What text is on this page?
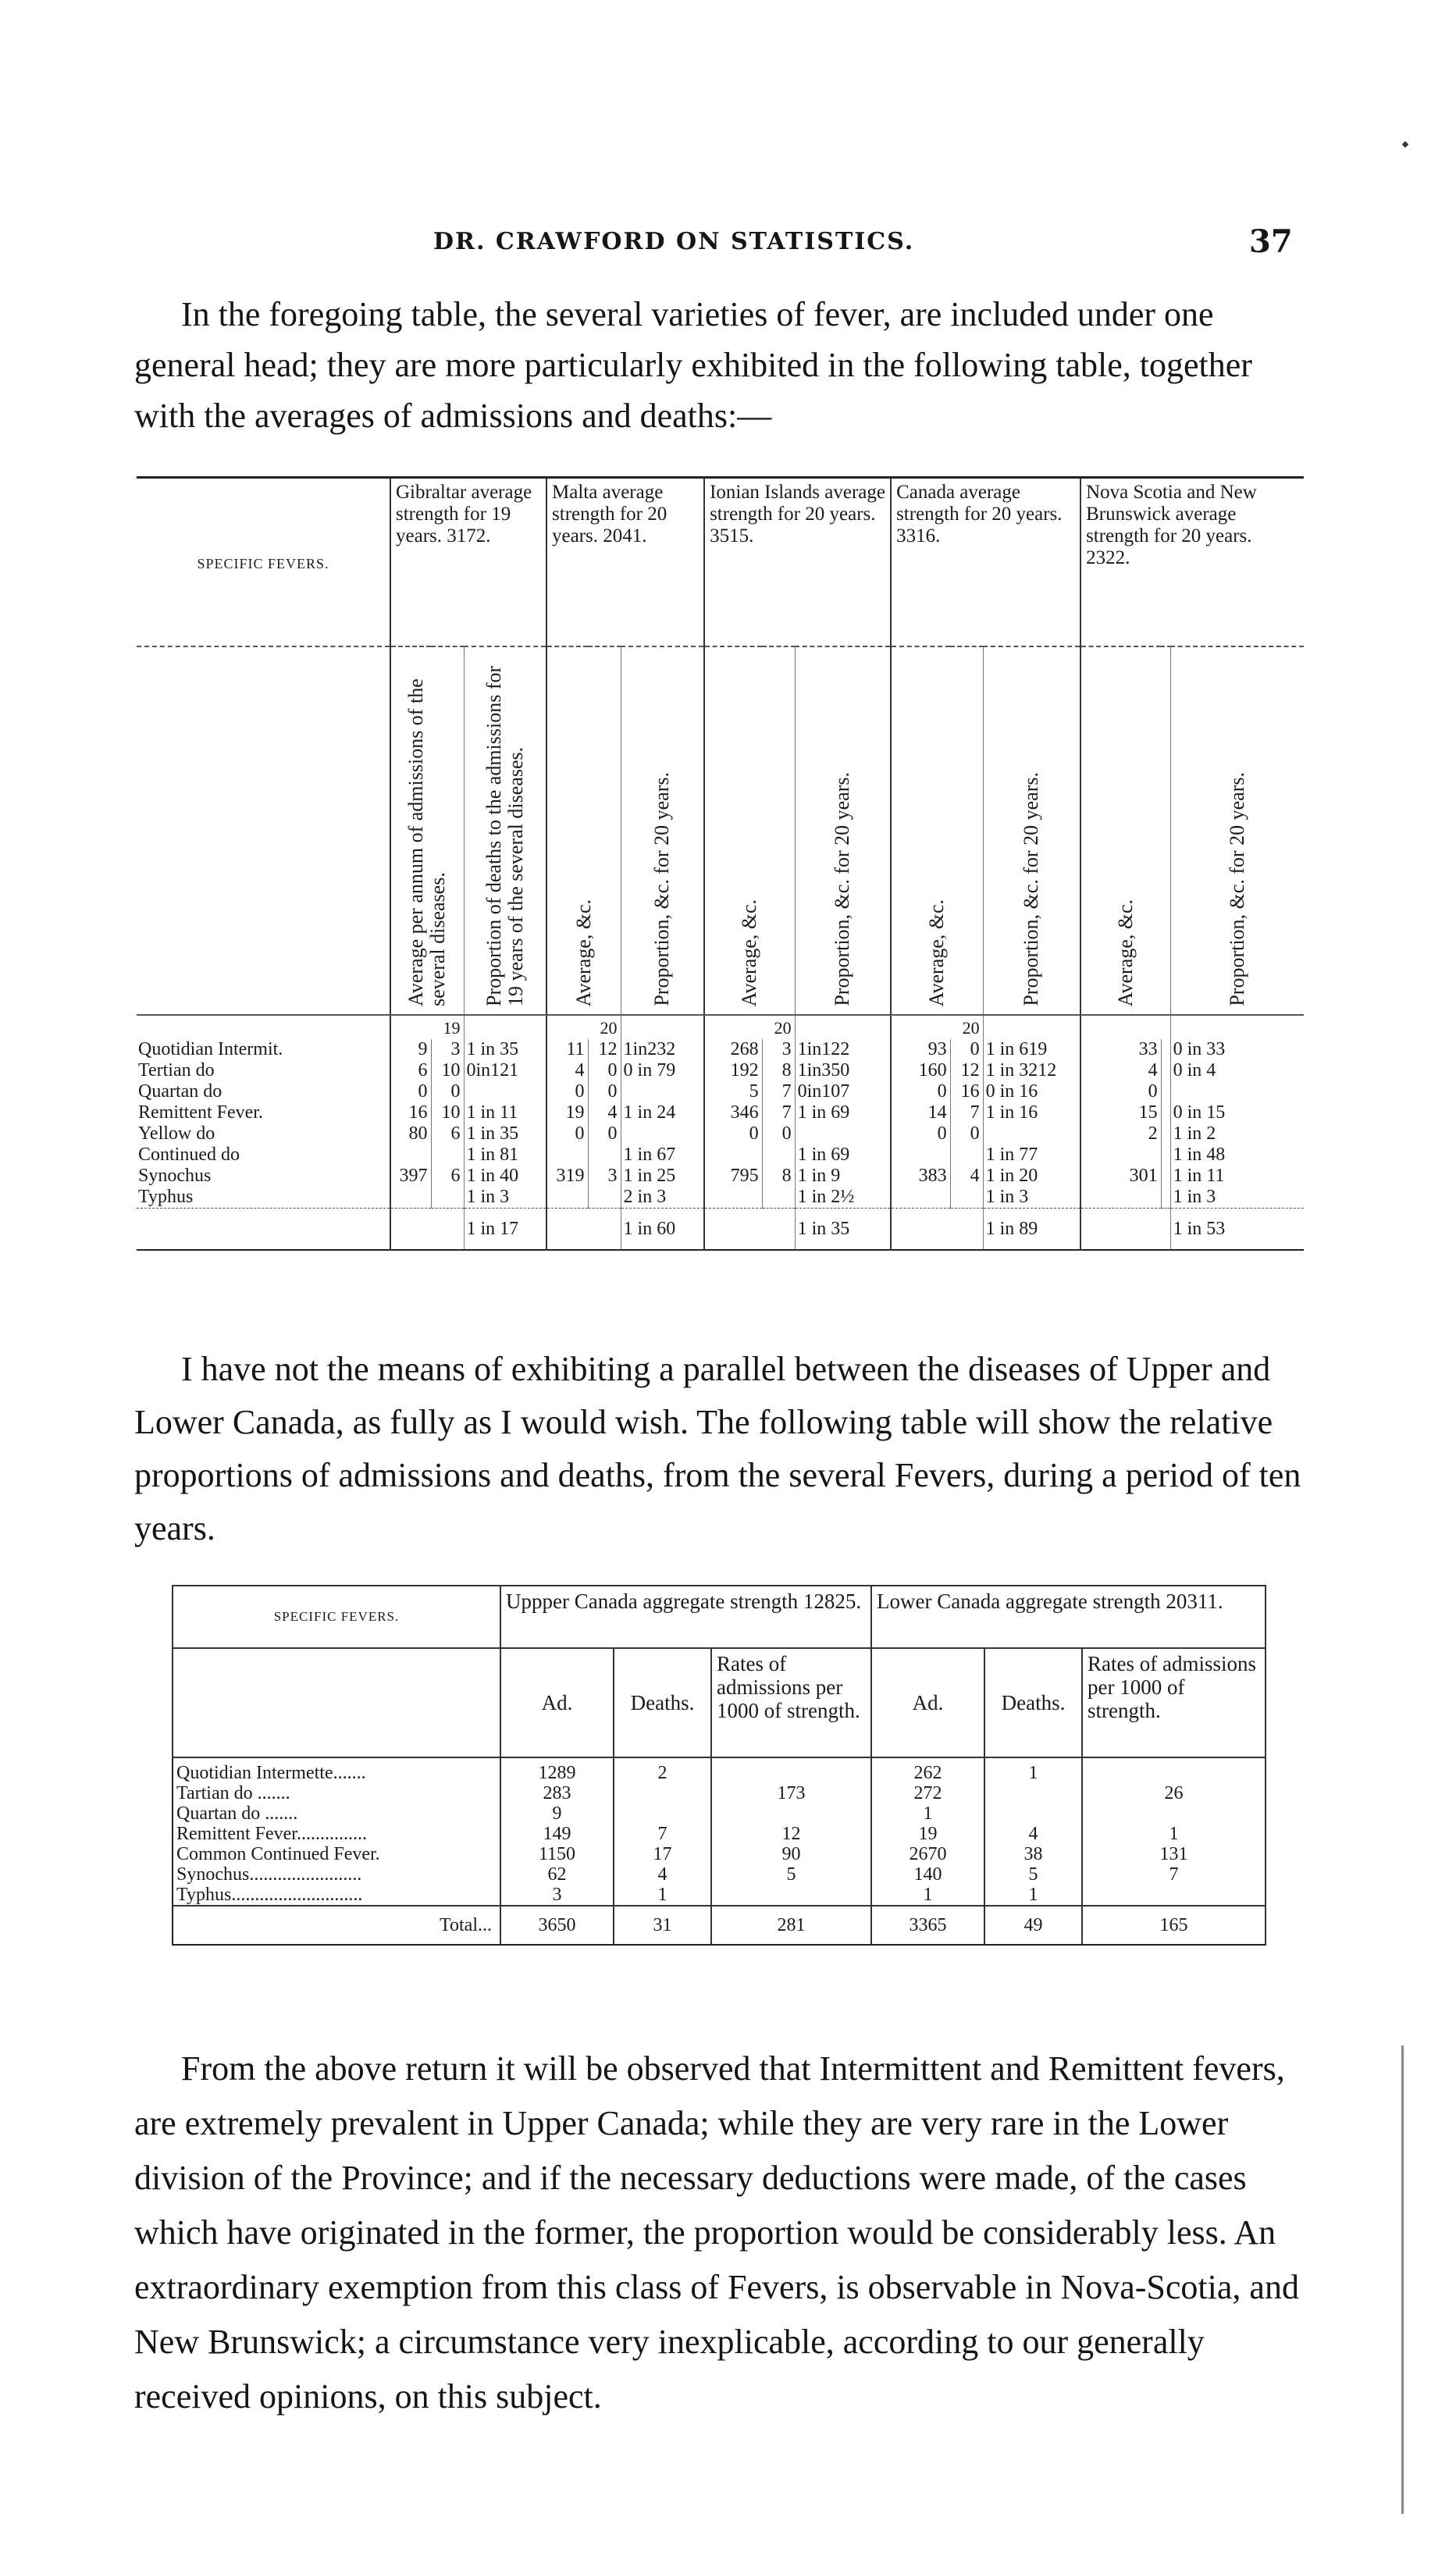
DR. CRAWFORD ON STATISTICS.	37
In the foregoing table, the several varieties of fever, are included under one general head; they are more particularly exhibited in the following table, together with the averages of admissions and deaths:—
SPECIFIC FEVERS.	Gibraltar average strength for 19 years. 3172.			Malta average strength for 20 years. 2041.			Ionian Islands average strength for 20 years. 3515.			Canada average strength for 20 years. 3316.			Nova Scotia and New Brunswick average strength for 20 years. 2322.		

	Average per annum of admissions of the several diseases.		Proportion of deaths to the admissions for 19 years of the several diseases.	Average, &c.		Proportion, &c. for 20 years.	Average, &c.		Proportion, &c. for 20 years.	Average, &c.		Proportion, &c. for 20 years.	Average, &c.		Proportion, &c. for 20 years.

	19			20			20			20					
Quotidian Intermit.	9	3	1 in 35	11	12	1in232	268	3	1in122	93	0	1 in 619	33		0 in 33
Tertian do	6	10	0in121	4	0	0 in 79	192	8	1in350	160	12	1 in 3212	4		0 in 4
Quartan do	0	0		0	0		5	7	0in107	0	16	0 in 16	0		
Remittent Fever.	16	10	1 in 11	19	4	1 in 24	346	7	1 in 69	14	7	1 in 16	15		0 in 15
Yellow do	80	6	1 in 35	0	0		0	0		0	0		2		1 in 2
Continued do			1 in 81			1 in 67			1 in 69			1 in 77			1 in 48
Synochus	397	6	1 in 40	319	3	1 in 25	795	8	1 in 9	383	4	1 in 20	301		1 in 11
Typhus			1 in 3			2 in 3			1 in 2½			1 in 3			1 in 3
			1 in 17			1 in 60			1 in 35			1 in 89			1 in 53
I have not the means of exhibiting a parallel between the diseases of Upper and Lower Canada, as fully as I would wish. The following table will show the relative proportions of admissions and deaths, from the several Fevers, during a period of ten years.
SPECIFIC FEVERS.	Uppper Canada aggregate strength 12825.			Lower Canada aggregate strength 20311.		
	Ad.	Deaths.	Rates of admissions per 1000 of strength.	Ad.	Deaths.	Rates of admissions per 1000 of strength.
Quotidian Intermette.......	1289	2		262	1	
Tartian do .......	283		173	272		26
Quartan do .......	9			1		
Remittent Fever...............	149	7	12	19	4	1
Common Continued Fever.	1150	17	90	2670	38	131
Synochus........................	62	4	5	140	5	7
Typhus............................	3	1		1	1	
Total...	3650	31	281	3365	49	165
From the above return it will be observed that Intermittent and Remittent fevers, are extremely prevalent in Upper Canada; while they are very rare in the Lower division of the Province; and if the necessary deductions were made, of the cases which have originated in the former, the proportion would be considerably less. An extraordinary exemption from this class of Fevers, is observable in Nova-Scotia, and New Brunswick; a circumstance very inexplicable, according to our generally received opinions, on this subject.
